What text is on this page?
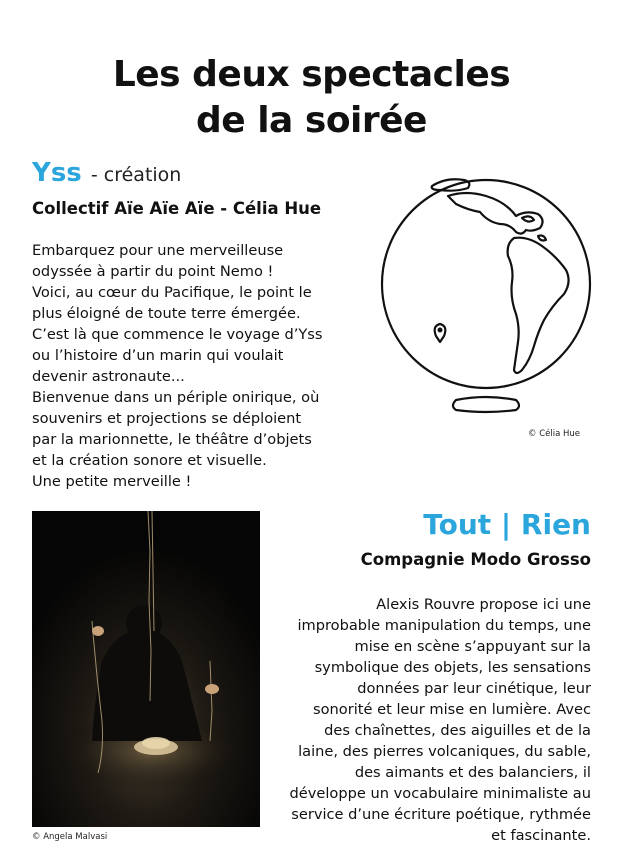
Les deux spectacles
de la soirée
Yss - création
Collectif Aïe Aïe Aïe - Célia Hue

Embarquez pour une merveilleuse
odyssée à partir du point Nemo !
Voici, au cœur du Pacifique, le point le
plus éloigné de toute terre émergée.
C’est là que commence le voyage d’Yss
ou l’histoire d’un marin qui voulait
devenir astronaute...
Bienvenue dans un périple onirique, où
souvenirs et projections se déploient
par la marionnette, le théâtre d’objets
et la création sonore et visuelle.
Une petite merveille !

© Célia Hue
© Angela Malvasi
Tout | Rien
Compagnie Modo Grosso

Alexis Rouvre propose ici une
improbable manipulation du temps, une
mise en scène s’appuyant sur la
symbolique des objets, les sensations
données par leur cinétique, leur
sonorité et leur mise en lumière. Avec
des chaînettes, des aiguilles et de la
laine, des pierres volcaniques, du sable,
des aimants et des balanciers, il
développe un vocabulaire minimaliste au
service d’une écriture poétique, rythmée
et fascinante.
